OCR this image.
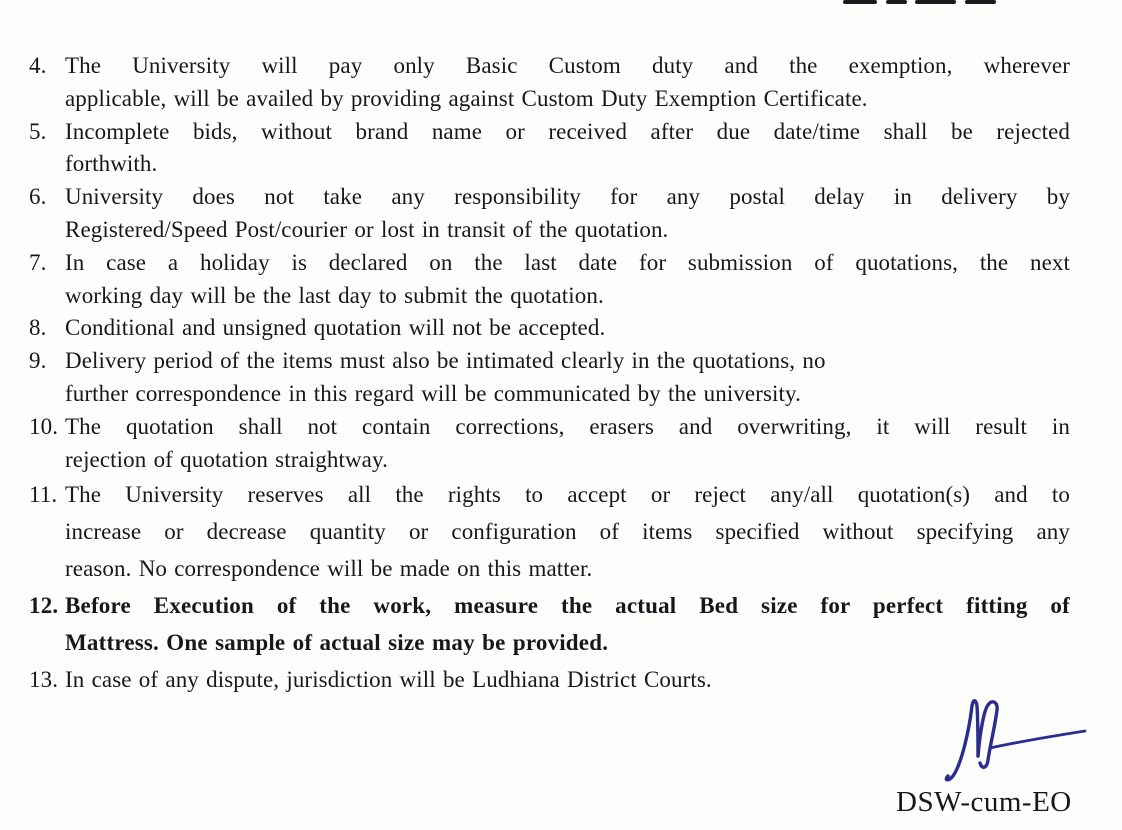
4. The University will pay only Basic Custom duty and the exemption, wherever
applicable, will be availed by providing against Custom Duty Exemption Certificate.
5. Incomplete bids, without brand name or received after due date/time shall be rejected
forthwith.
6. University does not take any responsibility for any postal delay in delivery by
Registered/Speed Post/courier or lost in transit of the quotation.
7. In case a holiday is declared on the last date for submission of quotations, the next
working day will be the last day to submit the quotation.
8. Conditional and unsigned quotation will not be accepted.
9. Delivery period of the items must also be intimated clearly in the quotations, no
further correspondence in this regard will be communicated by the university.
10. The quotation shall not contain corrections, erasers and overwriting, it will result in
rejection of quotation straightway.
11. The University reserves all the rights to accept or reject any/all quotation(s) and to
increase or decrease quantity or configuration of items specified without specifying any
reason. No correspondence will be made on this matter.
12. Before Execution of the work, measure the actual Bed size for perfect fitting of
Mattress. One sample of actual size may be provided.
13. In case of any dispute, jurisdiction will be Ludhiana District Courts.
DSW-cum-EO
